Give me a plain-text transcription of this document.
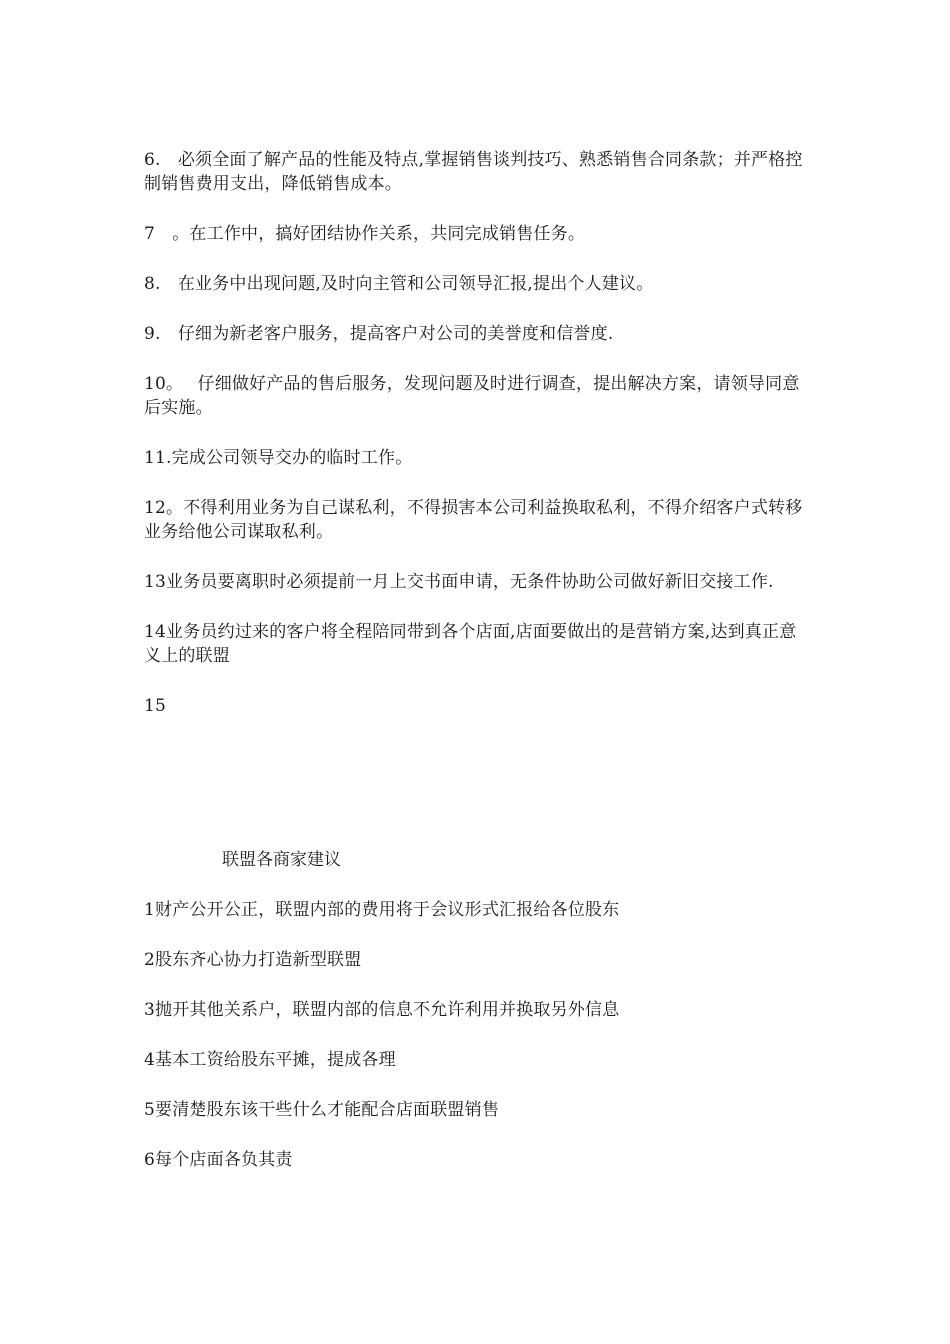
6.　必须全面了解产品的性能及特点,掌握销售谈判技巧、熟悉销售合同条款；并严格控制销售费用支出，降低销售成本。

7　。在工作中，搞好团结协作关系，共同完成销售任务。

8.　在业务中出现问题,及时向主管和公司领导汇报,提出个人建议。

9.　仔细为新老客户服务，提高客户对公司的美誉度和信誉度.

10。　 仔细做好产品的售后服务，发现问题及时进行调查，提出解决方案，请领导同意后实施。

11.完成公司领导交办的临时工作。

12。不得利用业务为自己谋私利，不得损害本公司利益换取私利，不得介绍客户式转移业务给他公司谋取私利。

13业务员要离职时必须提前一月上交书面申请，无条件协助公司做好新旧交接工作.

14业务员约过来的客户将全程陪同带到各个店面,店面要做出的是营销方案,达到真正意义上的联盟

15

联盟各商家建议

1财产公开公正，联盟内部的费用将于会议形式汇报给各位股东

2股东齐心协力打造新型联盟

3抛开其他关系户，联盟内部的信息不允许利用并换取另外信息

4基本工资给股东平摊，提成各理

5要清楚股东该干些什么才能配合店面联盟销售

6每个店面各负其责
